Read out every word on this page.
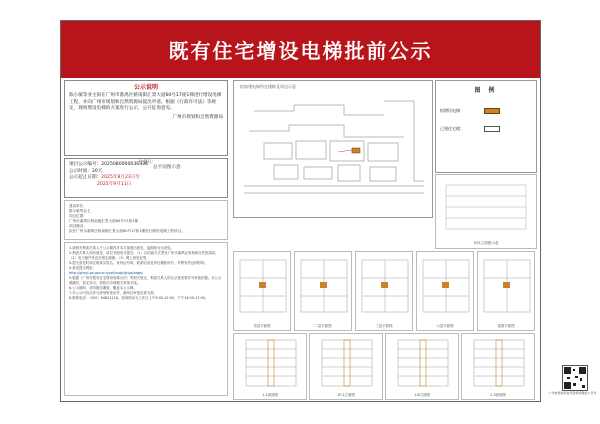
既有住宅增设电梯批前公示
公示说明
陈小敏等业主拟在广州市番禺区桥南街汇景大道60号17座1梯进行增设电梯工程，并向广州市规划和自然资源局提出申请。根据《行政许可法》等规定，现将增设电梯的方案进行公示，公开征询意见。
广州市规划和自然资源局
项目公示编号：2025080000036336
公示时间：20天
公示起止日期：2025年8月23日至
2025年9月11日
建设单位：
陈小敏等业主
项目位置：
广州市番禺区桥南街汇景大道60号17座1梯
项目概况：
拟在广州市番禺区桥南街汇景大道60号17座1梯进行增设电梯工程项目。

1.请相关利害关系人于公示期内对本方案提出意见，逾期视为无意见。

2.利害关系人如有意见，请以书面形式提交：（1）以信函方式寄至广州市番禺区规划和自然资源局；（2）电子邮件发送至指定邮箱；（3）网上意见征集。

3.提交意见时请注明真实姓名、身份证号码、联系电话及所在楼栋房号，并附有效证明材料。

4.意见提交网址：

http://ghzyj.gz.gov.cn/yxzt/xxgk/ghgs/pqgs/

5.根据《广州市既有住宅增设电梯办法》等相关规定，利害关系人的合法意见将作为审批依据。本公示期满后，如无异议，将依法办理相关审批手续。

6.公示期间，请勿擅自撕毁、覆盖本公示牌。

7.本公示内容仅作为规划审查参考，最终以审批结果为准。

8.联系电话：（020）84821118，咨询时间为工作日上午9:00-12:00，下午14:00-17:00。

拟加建电梯所在楼栋及周边示意
比例尺：
总平面图示意
图 例
拟增设电梯：
已建住宅楼：
单体立面图示意
首层平面图	二层平面图	三层平面图	六层平面图	屋面平面图
1-1剖面图	1P-1立面图	1-B立面图	1-3剖面图	广州市规划和自然资源局微信公众号
